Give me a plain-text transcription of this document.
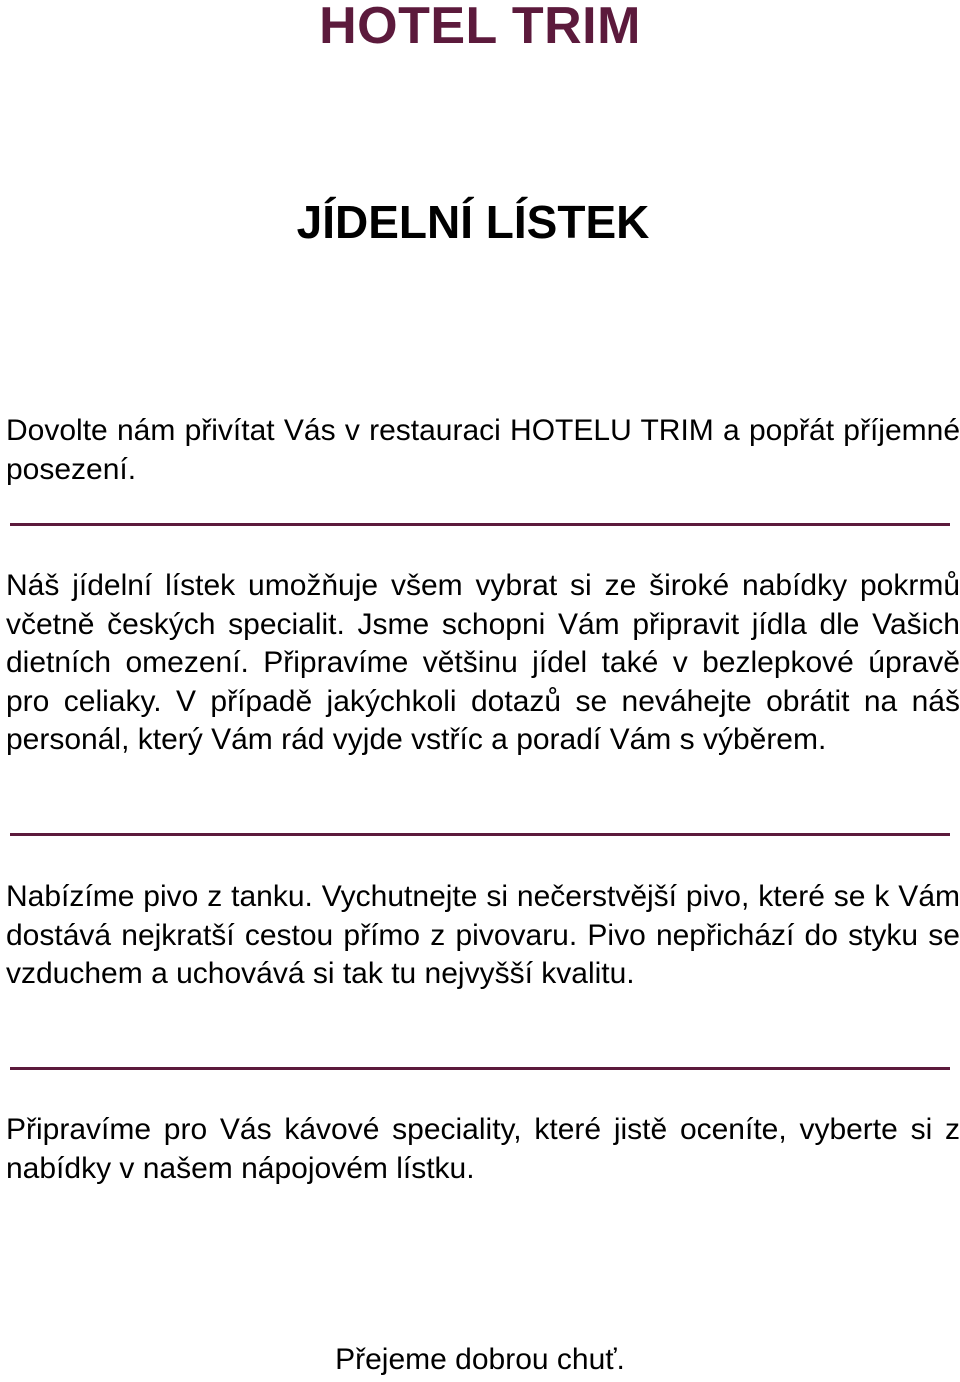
HOTEL TRIM
JÍDELNÍ LÍSTEK

Dovolte nám přivítat Vás v restauraci HOTELU TRIM a popřát příjemné posezení.

Náš jídelní lístek umožňuje všem vybrat si ze široké nabídky pokrmů včetně českých specialit. Jsme schopni Vám připravit jídla dle Vašich dietních omezení. Připravíme většinu jídel také v bezlepkové úpravě pro celiaky. V případě jakýchkoli dotazů se neváhejte obrátit na náš personál, který Vám rád vyjde vstříc a poradí Vám s výběrem.

Nabízíme pivo z tanku. Vychutnejte si nečerstvější pivo, které se k Vám dostává nejkratší cestou přímo z pivovaru. Pivo nepřichází do styku se vzduchem a uchovává si tak tu nejvyšší kvalitu.

Připravíme pro Vás kávové speciality, které jistě oceníte, vyberte si z nabídky v našem nápojovém lístku.

Přejeme dobrou chuť.
